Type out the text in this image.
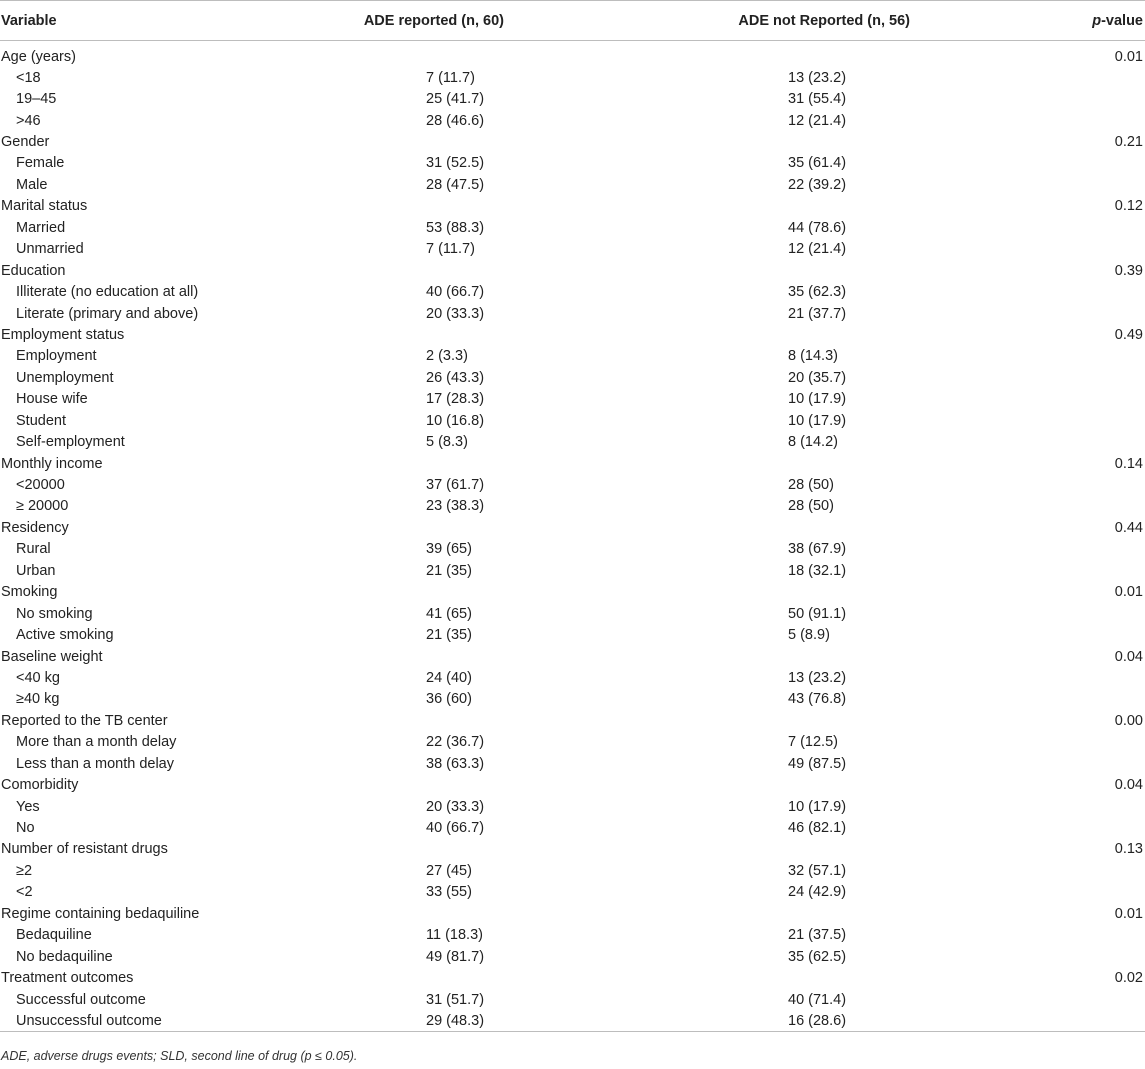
Variable	ADE reported (n, 60)	ADE not Reported (n, 56)	p-value
Age (years)			0.01
<18	7 (11.7)	13 (23.2)	
19–45	25 (41.7)	31 (55.4)	
>46	28 (46.6)	12 (21.4)	
Gender			0.21
Female	31 (52.5)	35 (61.4)	
Male	28 (47.5)	22 (39.2)	
Marital status			0.12
Married	53 (88.3)	44 (78.6)	
Unmarried	7 (11.7)	12 (21.4)	
Education			0.39
Illiterate (no education at all)	40 (66.7)	35 (62.3)	
Literate (primary and above)	20 (33.3)	21 (37.7)	
Employment status			0.49
Employment	2 (3.3)	8 (14.3)	
Unemployment	26 (43.3)	20 (35.7)	
House wife	17 (28.3)	10 (17.9)	
Student	10 (16.8)	10 (17.9)	
Self-employment	5 (8.3)	8 (14.2)	
Monthly income			0.14
<20000	37 (61.7)	28 (50)	
≥ 20000	23 (38.3)	28 (50)	
Residency			0.44
Rural	39 (65)	38 (67.9)	
Urban	21 (35)	18 (32.1)	
Smoking			0.01
No smoking	41 (65)	50 (91.1)	
Active smoking	21 (35)	5 (8.9)	
Baseline weight			0.04
<40 kg	24 (40)	13 (23.2)	
≥40 kg	36 (60)	43 (76.8)	
Reported to the TB center			0.00
More than a month delay	22 (36.7)	7 (12.5)	
Less than a month delay	38 (63.3)	49 (87.5)	
Comorbidity			0.04
Yes	20 (33.3)	10 (17.9)	
No	40 (66.7)	46 (82.1)	
Number of resistant drugs			0.13
≥2	27 (45)	32 (57.1)	
<2	33 (55)	24 (42.9)	
Regime containing bedaquiline			0.01
Bedaquiline	11 (18.3)	21 (37.5)	
No bedaquiline	49 (81.7)	35 (62.5)	
Treatment outcomes			0.02
Successful outcome	31 (51.7)	40 (71.4)	
Unsuccessful outcome	29 (48.3)	16 (28.6)	
ADE, adverse drugs events; SLD, second line of drug (p ≤ 0.05).
